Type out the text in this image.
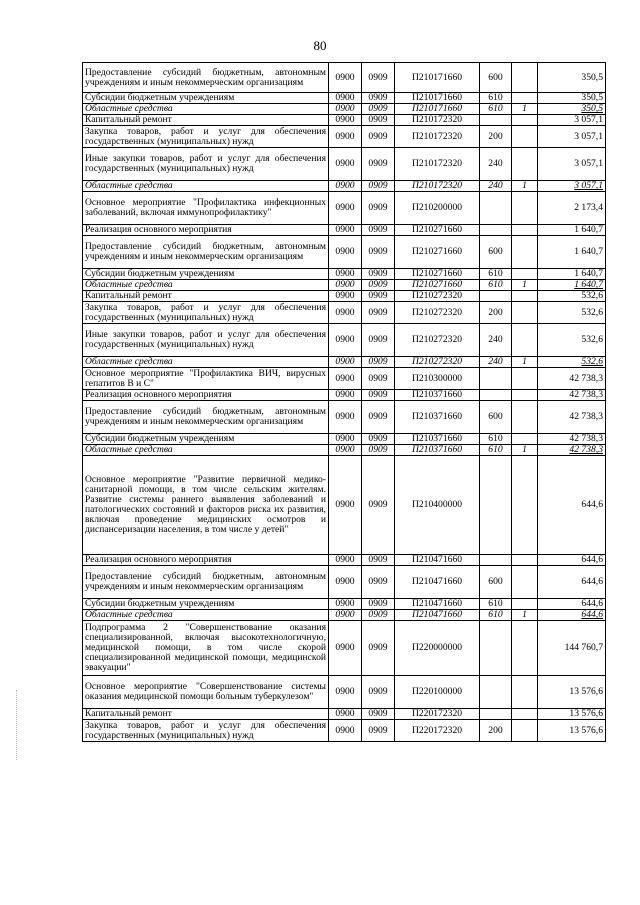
80
Предоставление субсидий бюджетным, автономным учреждениям и иным некоммерческим организациям	0900	0909	П210171660	600		350,5
Субсидии бюджетным учреждениям	0900	0909	П210171660	610		350,5
Областные средства	0900	0909	П210171660	610	1	350,5
Капитальный ремонт	0900	0909	П210172320			3 057,1
Закупка товаров, работ и услуг для обеспечения государственных (муниципальных) нужд	0900	0909	П210172320	200		3 057,1
Иные закупки товаров, работ и услуг для обеспечения государственных (муниципальных) нужд	0900	0909	П210172320	240		3 057,1
Областные средства	0900	0909	П210172320	240	1	3 057,1
Основное мероприятие "Профилактика инфекционных заболеваний, включая иммунопрофилактику"	0900	0909	П210200000			2 173,4
Реализация основного мероприятия	0900	0909	П210271660			1 640,7
Предоставление субсидий бюджетным, автономным учреждениям и иным некоммерческим организациям	0900	0909	П210271660	600		1 640,7
Субсидии бюджетным учреждениям	0900	0909	П210271660	610		1 640,7
Областные средства	0900	0909	П210271660	610	1	1 640,7
Капитальный ремонт	0900	0909	П210272320			532,6
Закупка товаров, работ и услуг для обеспечения государственных (муниципальных) нужд	0900	0909	П210272320	200		532,6
Иные закупки товаров, работ и услуг для обеспечения государственных (муниципальных) нужд	0900	0909	П210272320	240		532,6
Областные средства	0900	0909	П210272320	240	1	532,6
Основное мероприятие "Профилактика ВИЧ, вирусных гепатитов В и С"	0900	0909	П210300000			42 738,3
Реализация основного мероприятия	0900	0909	П210371660			42 738,3
Предоставление субсидий бюджетным, автономным учреждениям и иным некоммерческим организациям	0900	0909	П210371660	600		42 738,3
Субсидии бюджетным учреждениям	0900	0909	П210371660	610		42 738,3
Областные средства	0900	0909	П210371660	610	1	42 738,3
Основное мероприятие "Развитие первичной медико-санитарной помощи, в том числе сельским жителям. Развитие системы раннего выявления заболеваний и патологических состояний и факторов риска их развития, включая проведение медицинских осмотров и диспансеризации населения, в том числе у детей"	0900	0909	П210400000			644,6
Реализация основного мероприятия	0900	0909	П210471660			644,6
Предоставление субсидий бюджетным, автономным учреждениям и иным некоммерческим организациям	0900	0909	П210471660	600		644,6
Субсидии бюджетным учреждениям	0900	0909	П210471660	610		644,6
Областные средства	0900	0909	П210471660	610	1	644,6
Подпрограмма 2 "Совершенствование оказания специализированной, включая высокотехнологичную, медицинской помощи, в том числе скорой специализированной медицинской помощи, медицинской эвакуации"	0900	0909	П220000000			144 760,7
Основное мероприятие "Совершенствование системы оказания медицинской помощи больным туберкулезом"	0900	0909	П220100000			13 576,6
Капитальный ремонт	0900	0909	П220172320			13 576,6
Закупка товаров, работ и услуг для обеспечения государственных (муниципальных) нужд	0900	0909	П220172320	200		13 576,6
